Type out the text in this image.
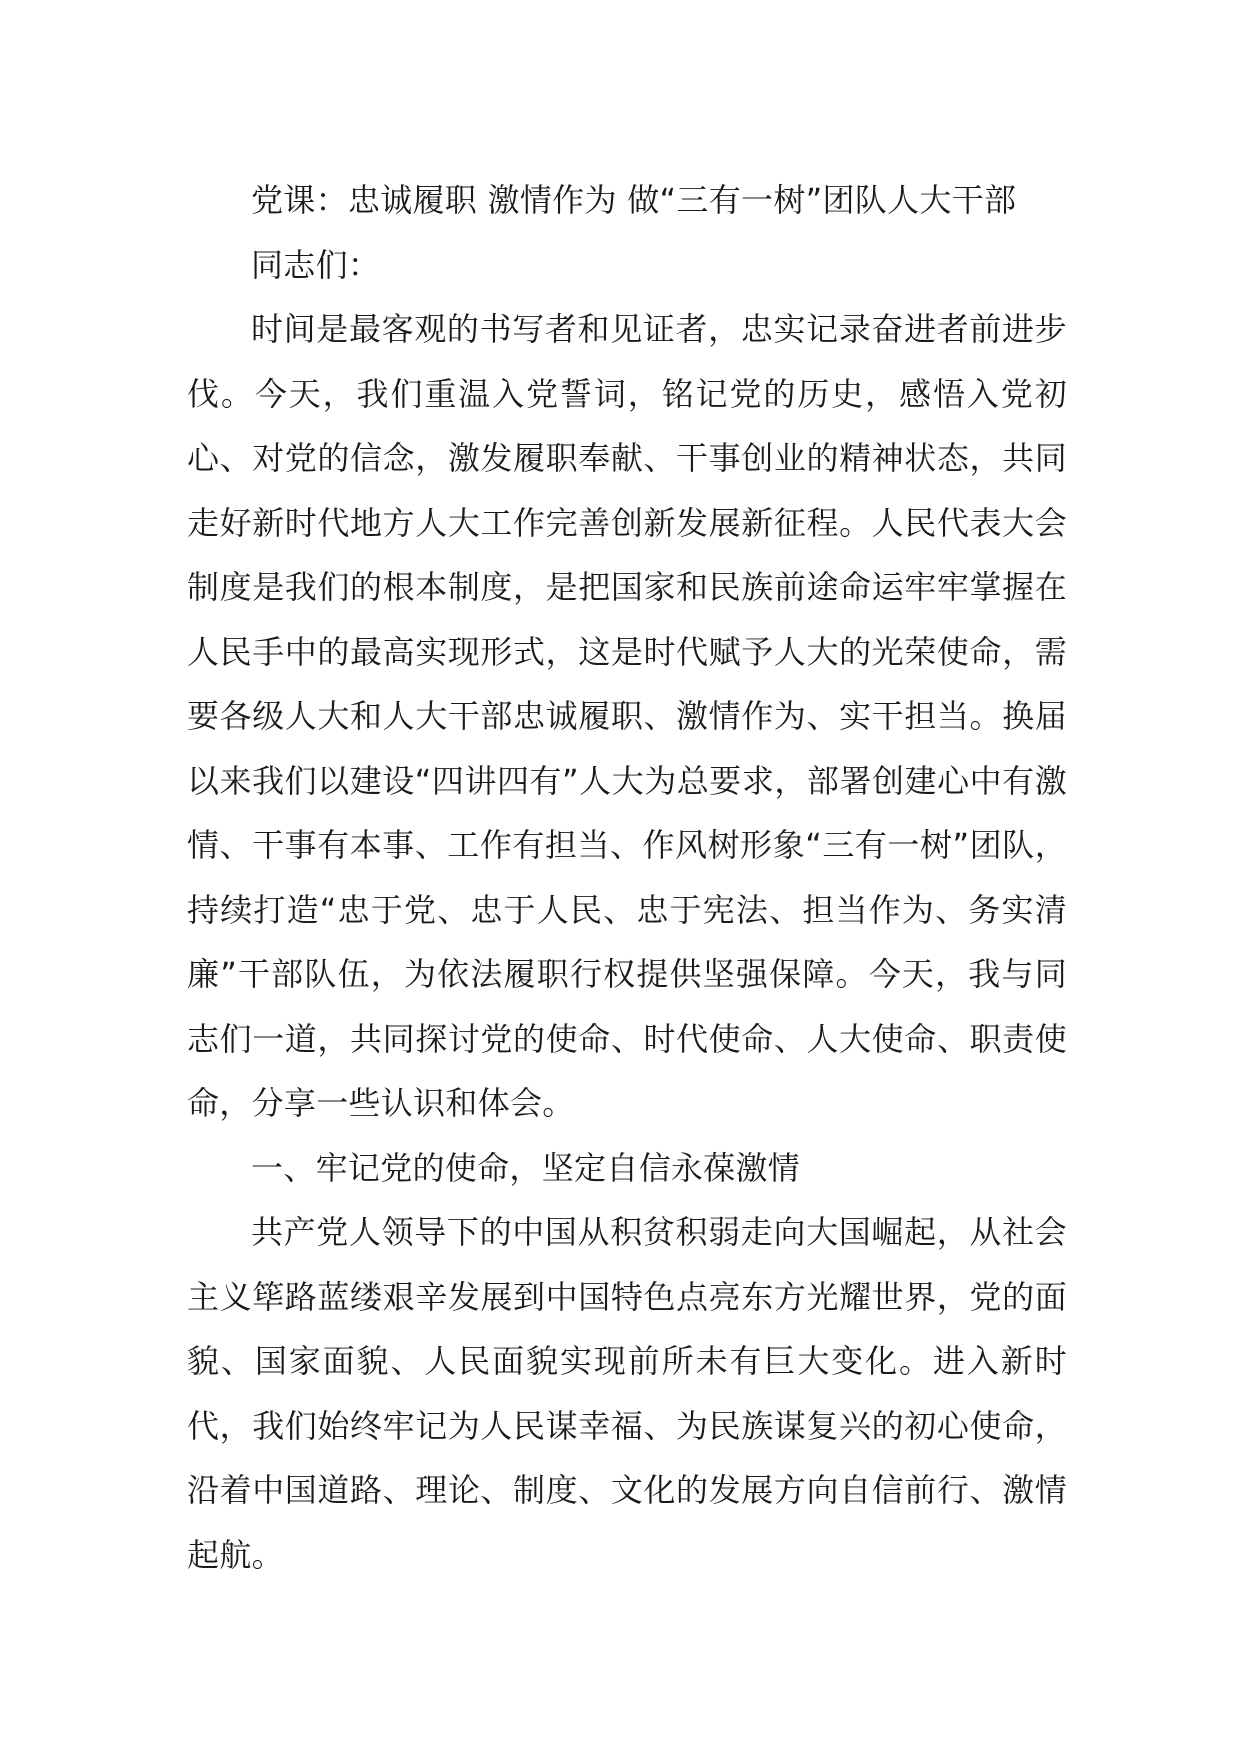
党课：忠诚履职 激情作为 做“三有一树”团队人大干部

同志们：

时间是最客观的书写者和见证者，忠实记录奋进者前进步伐。今天，我们重温入党誓词，铭记党的历史，感悟入党初心、对党的信念，激发履职奉献、干事创业的精神状态，共同走好新时代地方人大工作完善创新发展新征程。人民代表大会制度是我们的根本制度，是把国家和民族前途命运牢牢掌握在人民手中的最高实现形式，这是时代赋予人大的光荣使命，需要各级人大和人大干部忠诚履职、激情作为、实干担当。换届以来我们以建设“四讲四有”人大为总要求，部署创建心中有激情、干事有本事、工作有担当、作风树形象“三有一树”团队，持续打造“忠于党、忠于人民、忠于宪法、担当作为、务实清廉”干部队伍，为依法履职行权提供坚强保障。今天，我与同志们一道，共同探讨党的使命、时代使命、人大使命、职责使命，分享一些认识和体会。

一、牢记党的使命，坚定自信永葆激情

共产党人领导下的中国从积贫积弱走向大国崛起，从社会主义筚路蓝缕艰辛发展到中国特色点亮东方光耀世界，党的面貌、国家面貌、人民面貌实现前所未有巨大变化。进入新时代，我们始终牢记为人民谋幸福、为民族谋复兴的初心使命，沿着中国道路、理论、制度、文化的发展方向自信前行、激情起航。
